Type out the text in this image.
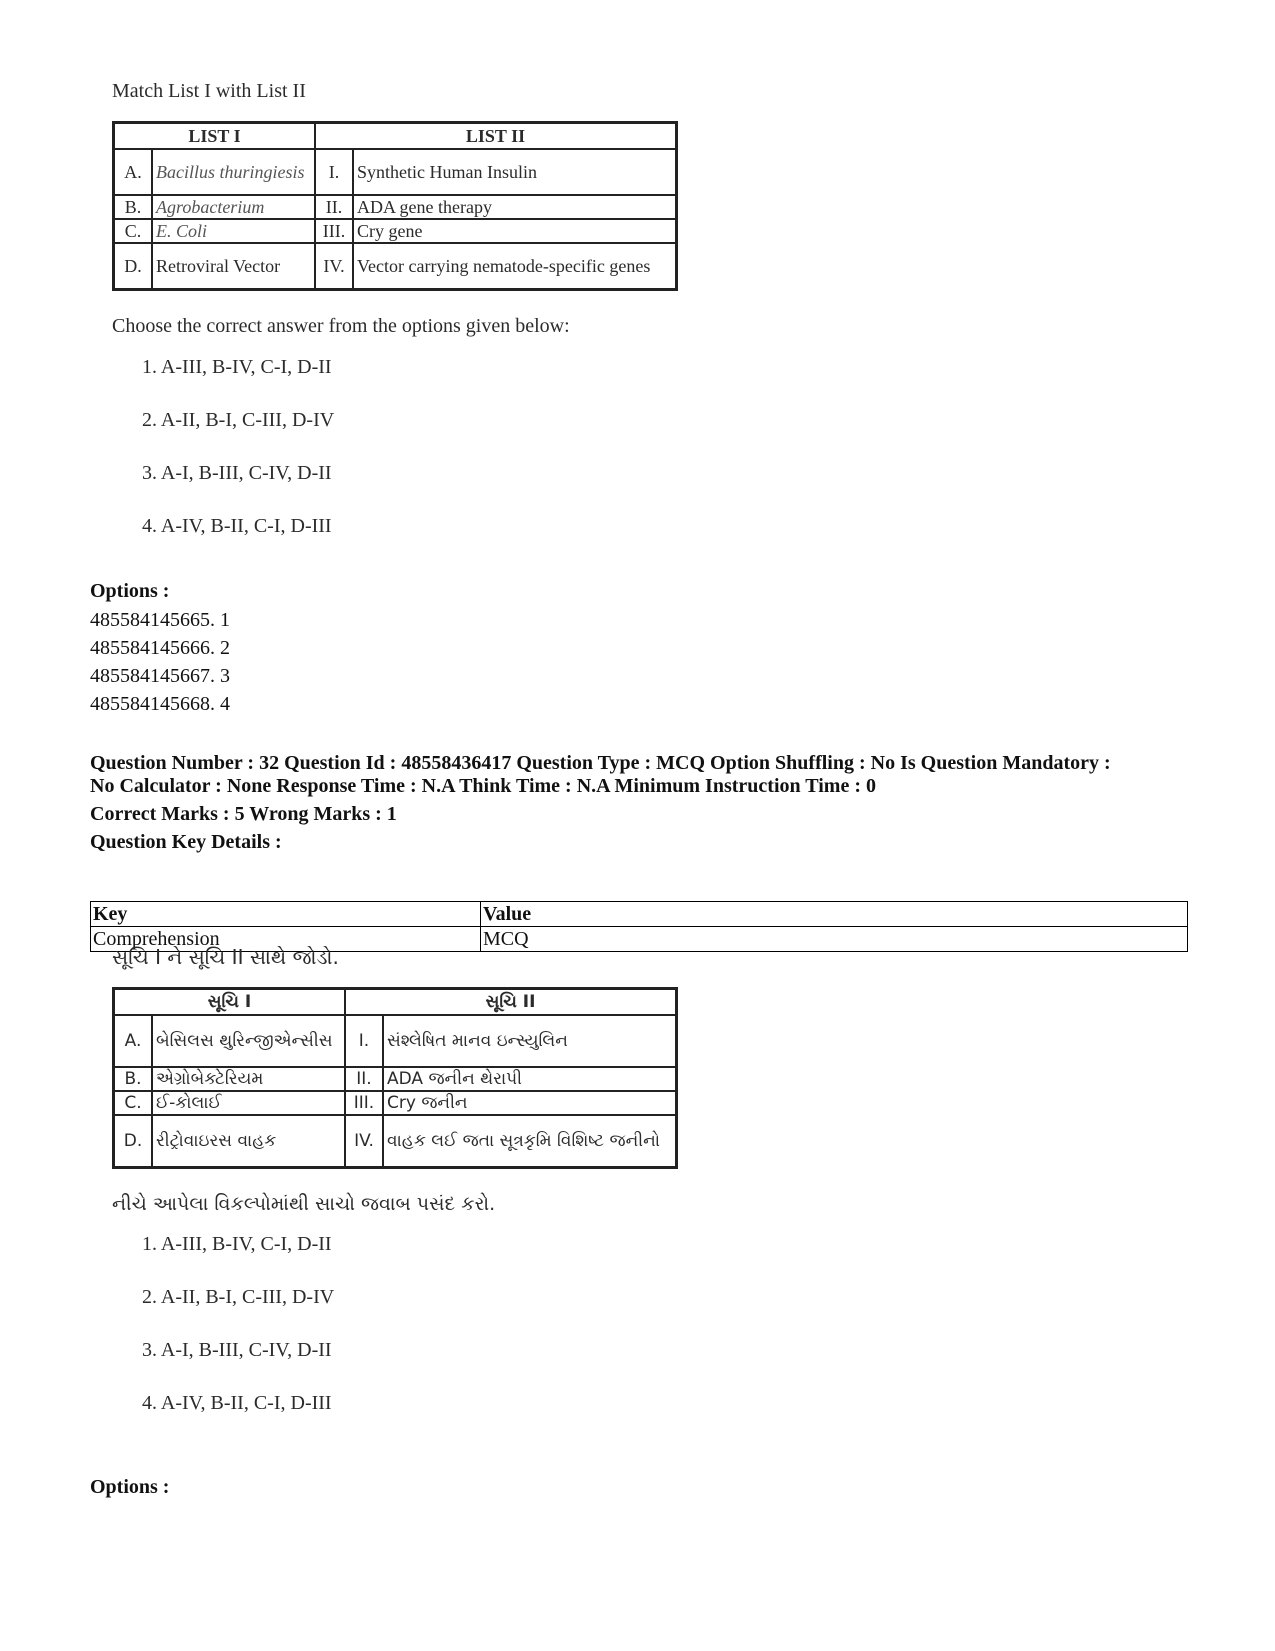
Match List I with List II

LIST I		LIST II	
A.	Bacillus thuringiesis	I.	Synthetic Human Insulin
B.	Agrobacterium	II.	ADA gene therapy
C.	E. Coli	III.	Cry gene
D.	Retroviral Vector	IV.	Vector carrying nematode-specific genes
Choose the correct answer from the options given below:
1. A-III, B-IV, C-I, D-II
2. A-II, B-I, C-III, D-IV
3. A-I, B-III, C-IV, D-II
4. A-IV, B-II, C-I, D-III
Options :
485584145665. 1
485584145666. 2
485584145667. 3
485584145668. 4
Question Number : 32 Question Id : 48558436417 Question Type : MCQ Option Shuffling : No Is Question Mandatory :
No Calculator : None Response Time : N.A Think Time : N.A Minimum Instruction Time : 0
Correct Marks : 5 Wrong Marks : 1
Question Key Details :
Key	Value
Comprehension	MCQ

સૂચિ I ને સૂચિ II સાથે જોડો.

સૂચિ I		સૂચિ II	
A.	બેસિલસ થુરિન્જીએન્સીસ	I.	સંશ્લેષિત માનવ ઇન્સ્યુલિન
B.	એગ્રોબેક્ટેરિયમ	II.	ADA જનીન થેરાપી
C.	ઈ-કોલાઈ	III.	Cry જનીન
D.	રીટ્રોવાઇરસ વાહક	IV.	વાહક લઈ જતા સૂત્રકૃમિ વિશિષ્ટ જનીનો
નીચે આપેલા વિકલ્પોમાંથી સાચો જવાબ પસંદ કરો.
1. A-III, B-IV, C-I, D-II
2. A-II, B-I, C-III, D-IV
3. A-I, B-III, C-IV, D-II
4. A-IV, B-II, C-I, D-III
Options :
